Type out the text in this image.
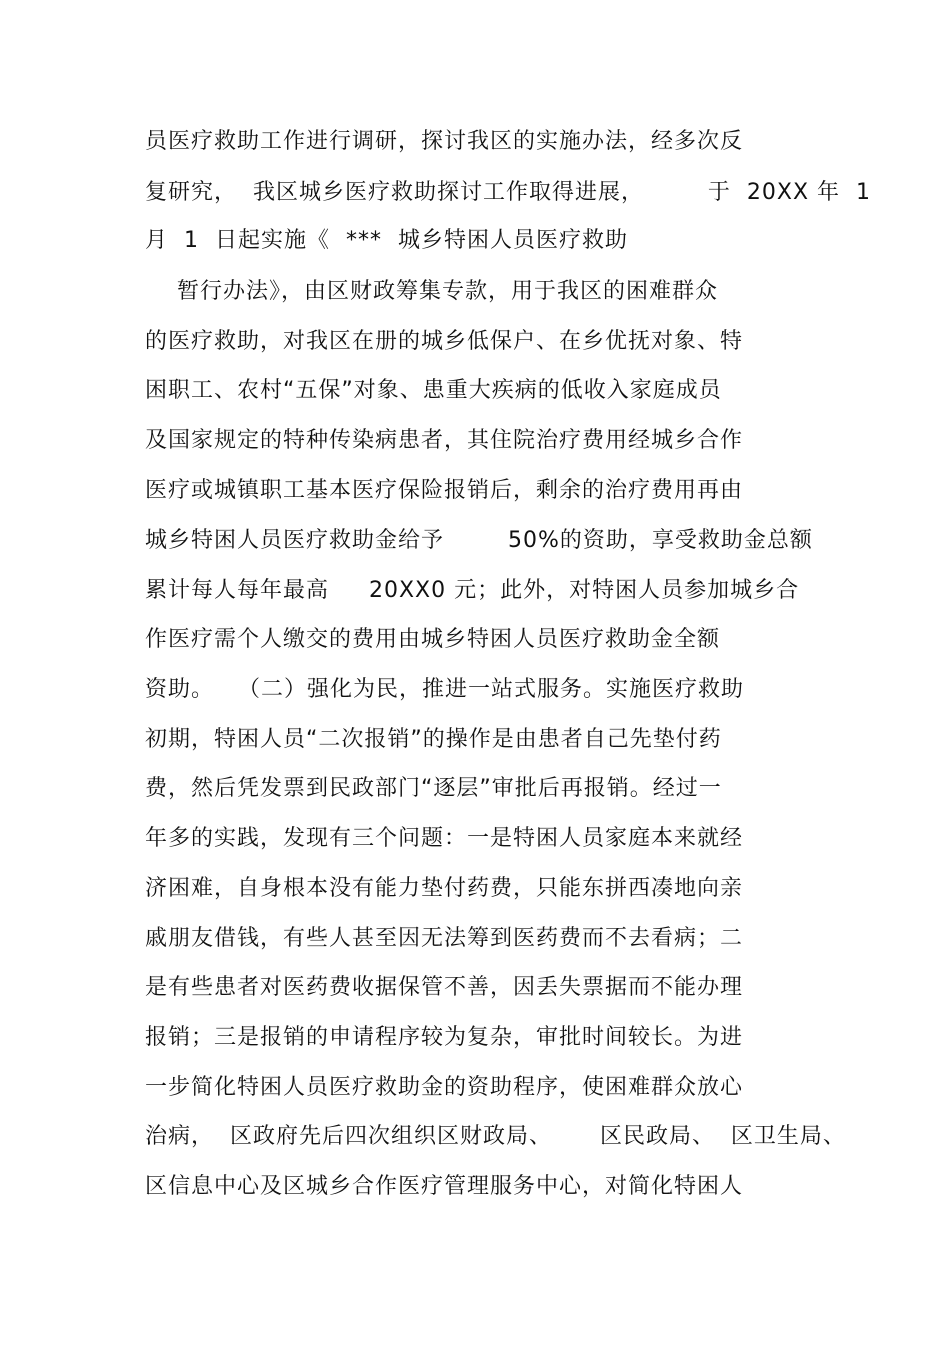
员医疗救助工作进行调研，探讨我区的实施办法，经多次反
复研究，  我区城乡医疗救助探讨工作取得进展，        于  20XX 年  1
月  1  日起实施《  ***  城乡特困人员医疗救助
暂行办法》，由区财政筹集专款，用于我区的困难群众
的医疗救助，对我区在册的城乡低保户、在乡优抚对象、特
困职工、农村“五保”对象、患重大疾病的低收入家庭成员
及国家规定的特种传染病患者，其住院治疗费用经城乡合作
医疗或城镇职工基本医疗保险报销后，剩余的治疗费用再由
城乡特困人员医疗救助金给予        50%的资助，享受救助金总额
累计每人每年最高     20XX0 元；此外，对特困人员参加城乡合
作医疗需个人缴交的费用由城乡特困人员医疗救助金全额
资助。   （二）强化为民，推进一站式服务。实施医疗救助
初期，特困人员“二次报销”的操作是由患者自己先垫付药
费，然后凭发票到民政部门“逐层”审批后再报销。经过一
年多的实践，发现有三个问题：一是特困人员家庭本来就经
济困难，自身根本没有能力垫付药费，只能东拼西凑地向亲
戚朋友借钱，有些人甚至因无法筹到医药费而不去看病；二
是有些患者对医药费收据保管不善，因丢失票据而不能办理
报销；三是报销的申请程序较为复杂，审批时间较长。为进
一步简化特困人员医疗救助金的资助程序，使困难群众放心
治病，  区政府先后四次组织区财政局、      区民政局、  区卫生局、
区信息中心及区城乡合作医疗管理服务中心，对简化特困人
